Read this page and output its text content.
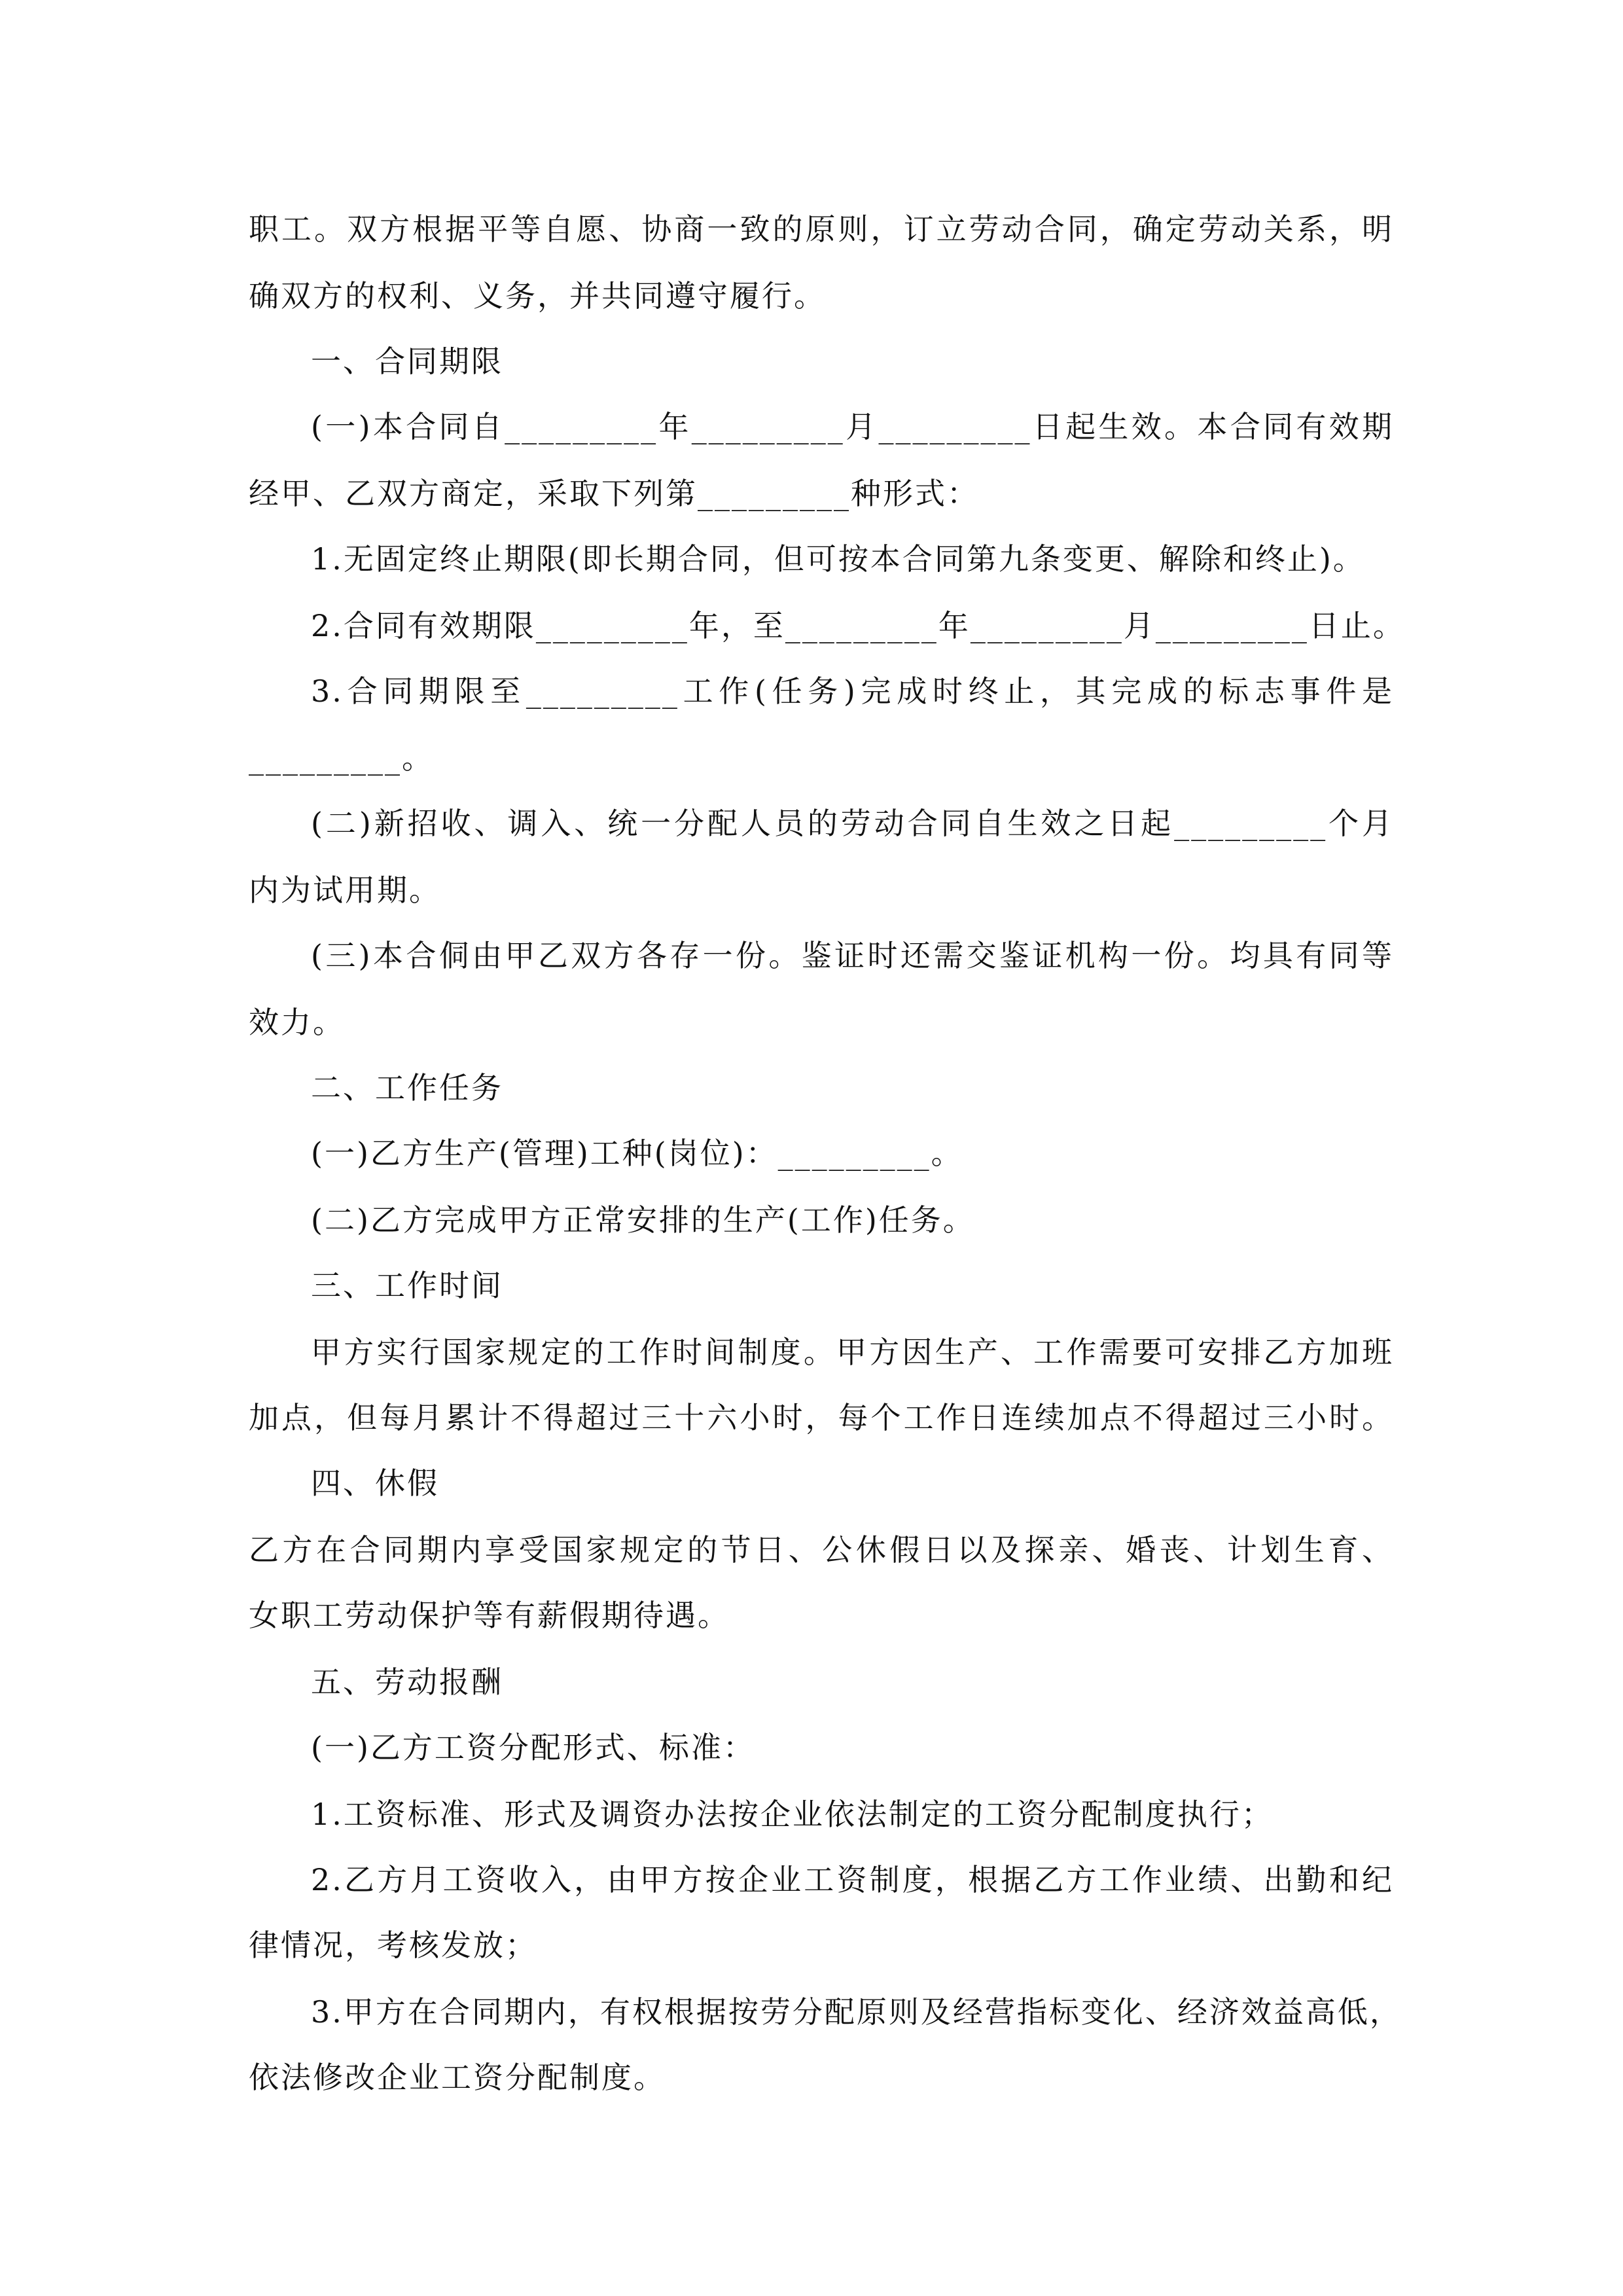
职工。双方根据平等自愿、协商一致的原则，订立劳动合同，确定劳动关系，明
确双方的权利、义务，并共同遵守履行。
一、合同期限
(一)本合同自_________年_________月_________日起生效。本合同有效期
经甲、乙双方商定，采取下列第_________种形式：
1.无固定终止期限(即长期合同，但可按本合同第九条变更、解除和终止)。
2.合同有效期限_________年，至_________年_________月_________日止。
3.合同期限至_________工作(任务)完成时终止，其完成的标志事件是
_________。
(二)新招收、调入、统一分配人员的劳动合同自生效之日起_________个月
内为试用期。
(三)本合侗由甲乙双方各存一份。鉴证时还需交鉴证机构一份。均具有同等
效力。
二、工作任务
(一)乙方生产(管理)工种(岗位)：_________。
(二)乙方完成甲方正常安排的生产(工作)任务。
三、工作时间
甲方实行国家规定的工作时间制度。甲方因生产、工作需要可安排乙方加班
加点，但每月累计不得超过三十六小时，每个工作日连续加点不得超过三小时。
四、休假
乙方在合同期内享受国家规定的节日、公休假日以及探亲、婚丧、计划生育、
女职工劳动保护等有薪假期待遇。
五、劳动报酬
(一)乙方工资分配形式、标准：
1.工资标准、形式及调资办法按企业依法制定的工资分配制度执行；
2.乙方月工资收入，由甲方按企业工资制度，根据乙方工作业绩、出勤和纪
律情况，考核发放；
3.甲方在合同期内，有权根据按劳分配原则及经营指标变化、经济效益高低，
依法修改企业工资分配制度。
